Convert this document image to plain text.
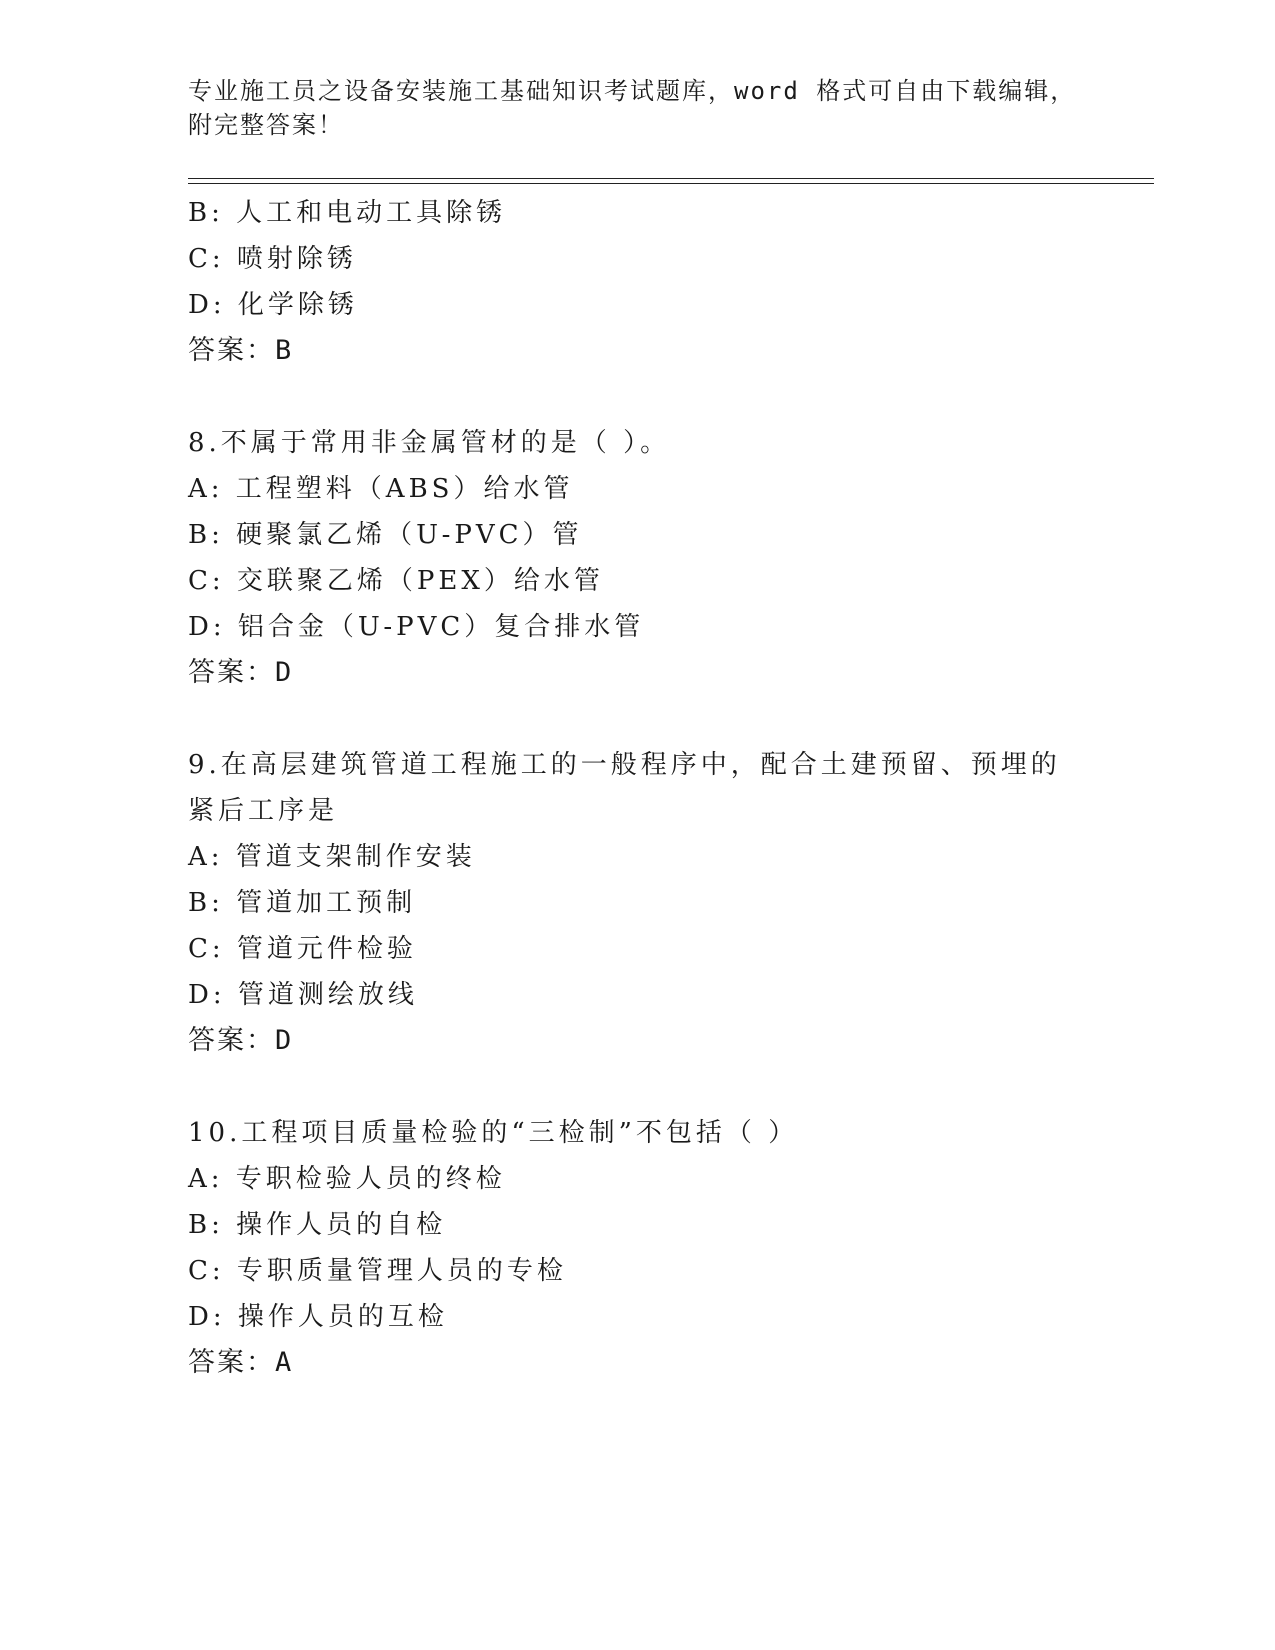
专业施工员之设备安装施工基础知识考试题库，word 格式可自由下载编辑，附完整答案！
B: 人工和电动工具除锈
C: 喷射除锈
D: 化学除锈
答案：B
8.不属于常用非金属管材的是（ ）。
A: 工程塑料（ABS）给水管
B: 硬聚氯乙烯（U-PVC）管
C: 交联聚乙烯（PEX）给水管
D: 铝合金（U-PVC）复合排水管
答案：D
9.在高层建筑管道工程施工的一般程序中，配合土建预留、预埋的紧后工序是
A: 管道支架制作安装
B: 管道加工预制
C: 管道元件检验
D: 管道测绘放线
答案：D
10.工程项目质量检验的“三检制”不包括（ ）
A: 专职检验人员的终检
B: 操作人员的自检
C: 专职质量管理人员的专检
D: 操作人员的互检
答案：A
